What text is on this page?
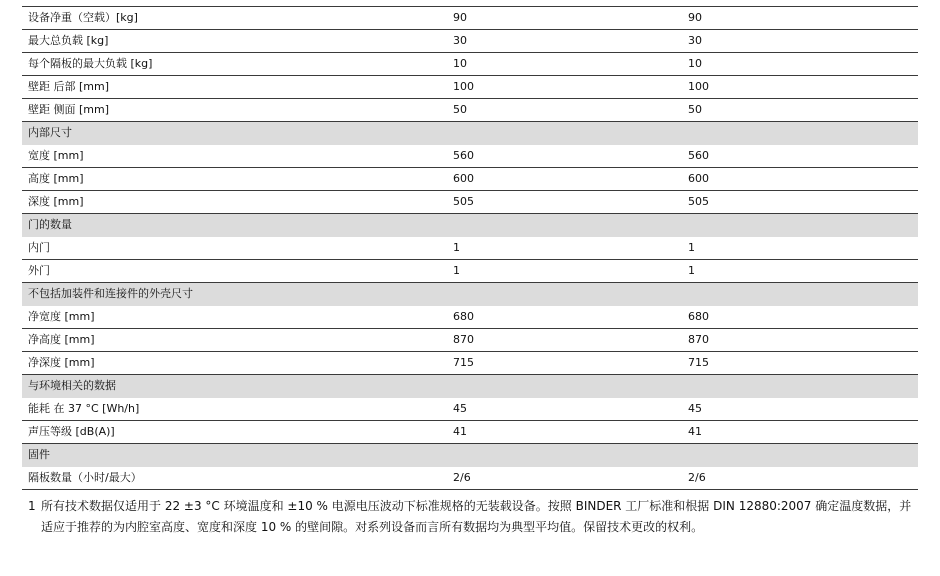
设备净重（空载）[kg]	90	90
最大总负载 [kg]	30	30
每个隔板的最大负载 [kg]	10	10
壁距 后部 [mm]	100	100
壁距 侧面 [mm]	50	50
内部尺寸		
宽度 [mm]	560	560
高度 [mm]	600	600
深度 [mm]	505	505
门的数量		
内门	1	1
外门	1	1
不包括加装件和连接件的外壳尺寸		
净宽度 [mm]	680	680
净高度 [mm]	870	870
净深度 [mm]	715	715
与环境相关的数据		
能耗 在 37 °C [Wh/h]	45	45
声压等级 [dB(A)]	41	41
固件		
隔板数量（小时/最大）	2/6	2/6
1 所有技术数据仅适用于 22 ±3 °C 环境温度和 ±10 % 电源电压波动下标准规格的无装载设备。按照 BINDER 工厂标准和根据 DIN 12880:2007 确定温度数据，并适应于推荐的为内腔室高度、宽度和深度 10 % 的壁间隙。对系列设备而言所有数据均为典型平均值。保留技术更改的权利。
